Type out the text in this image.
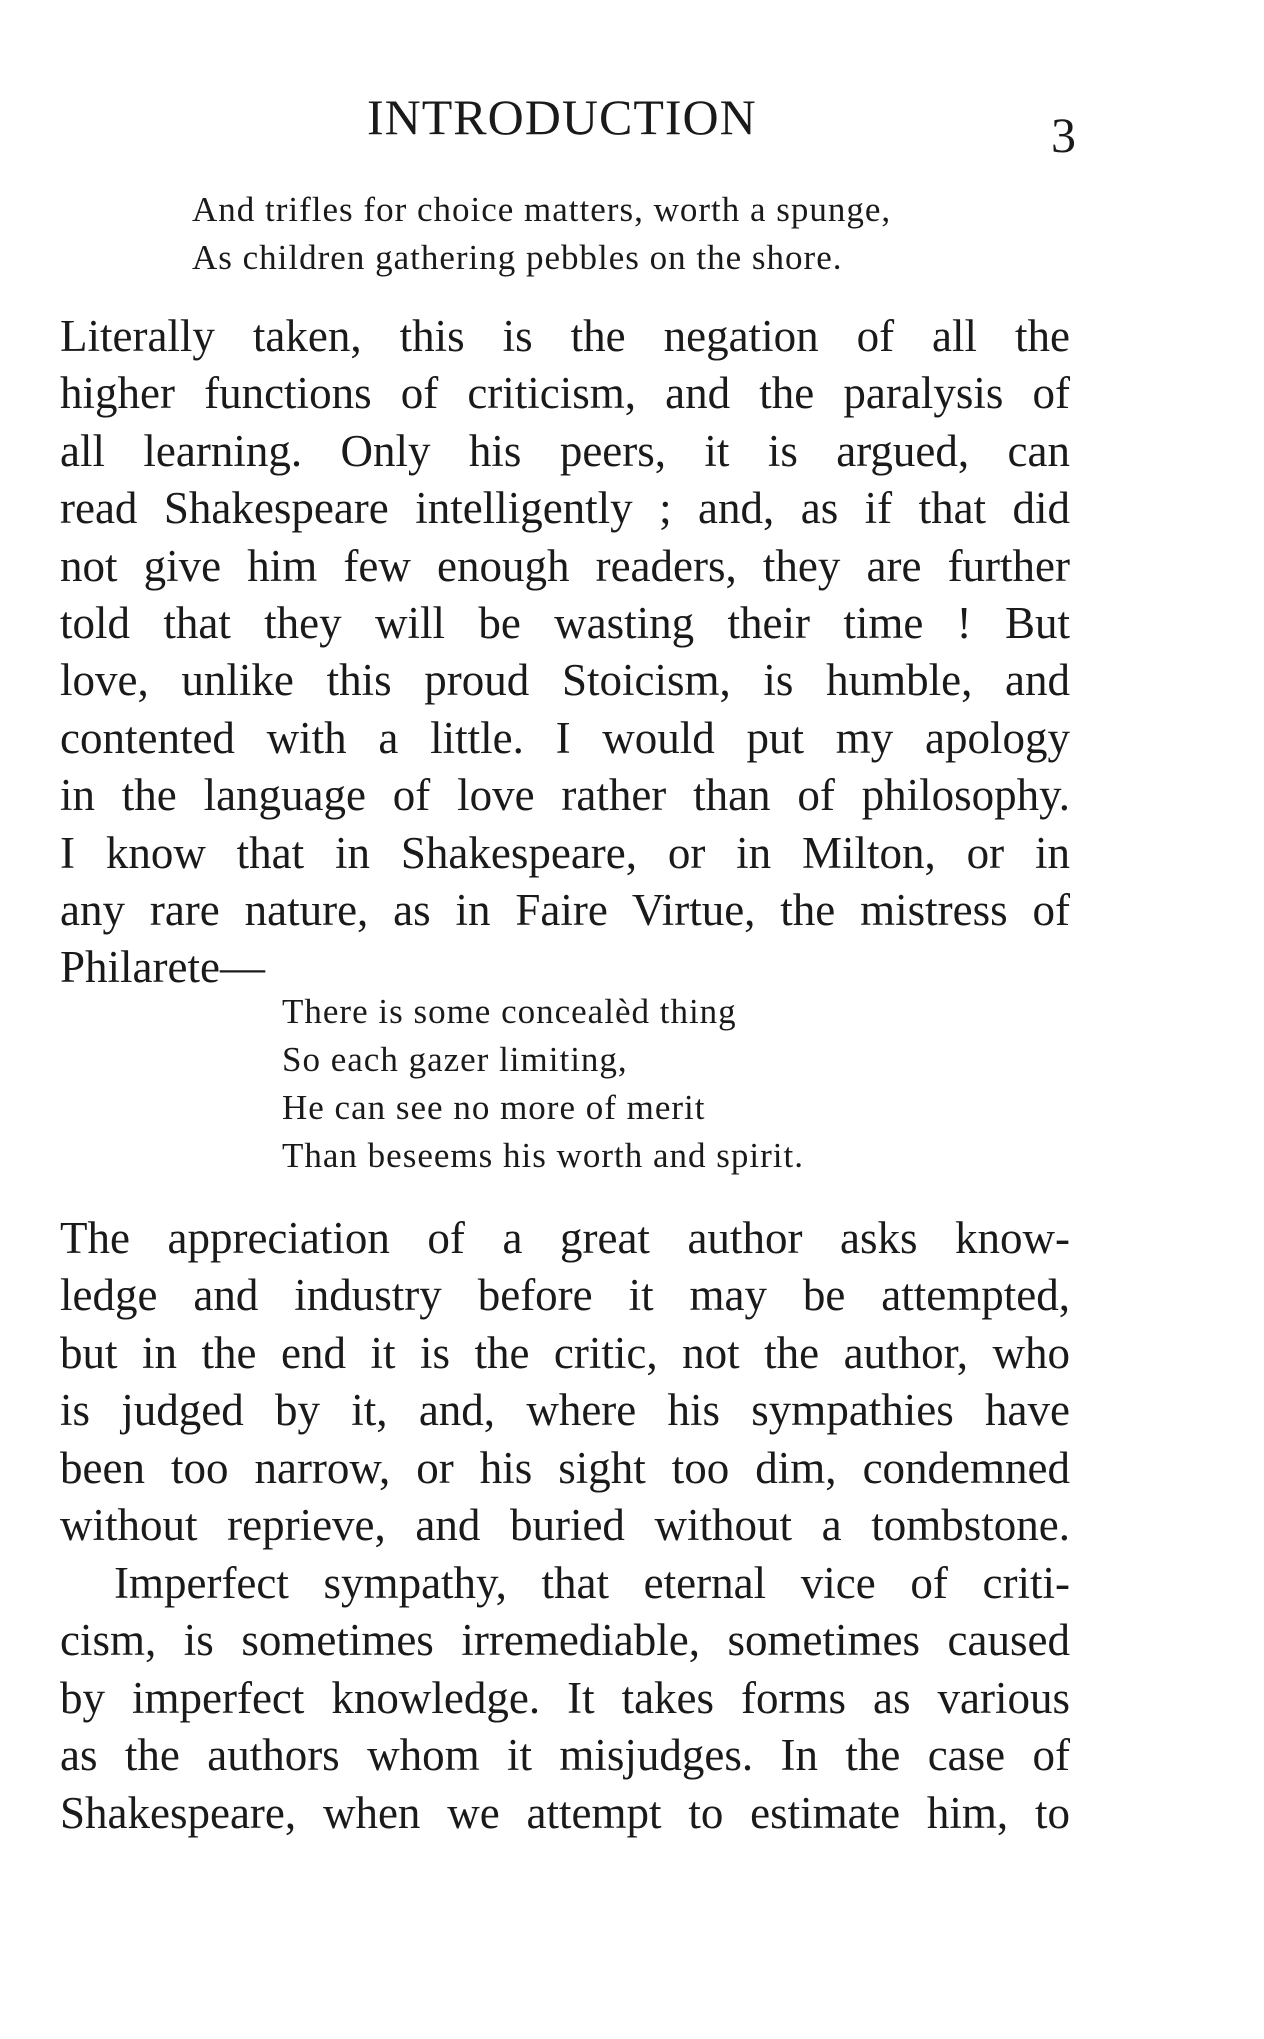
INTRODUCTION	3
And trifles for choice matters, worth a spunge,
As children gathering pebbles on the shore.
Literally taken, this is the negation of all the
higher functions of criticism, and the paralysis of
all learning. Only his peers, it is argued, can
read Shakespeare intelligently ; and, as if that did
not give him few enough readers, they are further
told that they will be wasting their time ! But
love, unlike this proud Stoicism, is humble, and
contented with a little. I would put my apology
in the language of love rather than of philosophy.
I know that in Shakespeare, or in Milton, or in
any rare nature, as in Faire Virtue, the mistress of
Philarete—
There is some concealèd thing
So each gazer limiting,
He can see no more of merit
Than beseems his worth and spirit.
The appreciation of a great author asks know-
ledge and industry before it may be attempted,
but in the end it is the critic, not the author, who
is judged by it, and, where his sympathies have
been too narrow, or his sight too dim, condemned
without reprieve, and buried without a tombstone.
Imperfect sympathy, that eternal vice of criti-
cism, is sometimes irremediable, sometimes caused
by imperfect knowledge. It takes forms as various
as the authors whom it misjudges. In the case of
Shakespeare, when we attempt to estimate him, to
